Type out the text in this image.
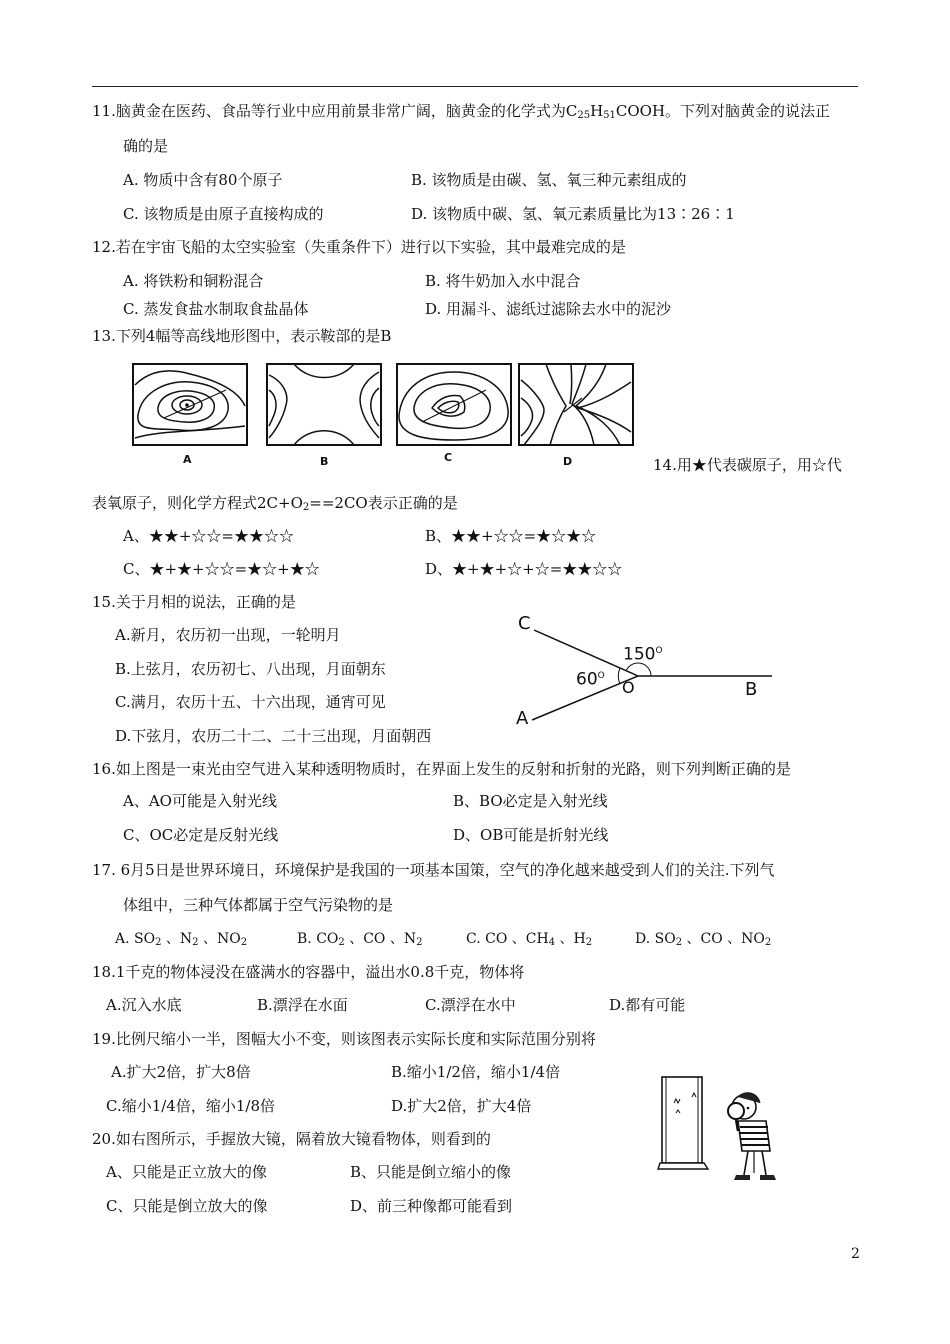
11.脑黄金在医药、食品等行业中应用前景非常广阔，脑黄金的化学式为$C_{25}H_{51}COOH$。下列对脑黄金的说法正
确的是
A. 物质中含有80个原子	B. 该物质是由碳、氢、氧三种元素组成的
C. 该物质是由原子直接构成的	D. 该物质中碳、氢、氧元素质量比为13∶26∶1
12.若在宇宙飞船的太空实验室（失重条件下）进行以下实验，其中最难完成的是
A. 将铁粉和铜粉混合	B. 将牛奶加入水中混合
C. 蒸发食盐水制取食盐晶体	D. 用漏斗、滤纸过滤除去水中的泥沙
13.下列4幅等高线地形图中，表示鞍部的是B
A	B	C	D	14.用★代表碳原子，用☆代
表氧原子，则化学方程式$2C+O_2==2CO$表示正确的是
A、★★+☆☆=★★☆☆	B、★★+☆☆=★☆★☆
C、★+★+☆☆=★☆+★☆	D、★+★+☆+☆=★★☆☆
15.关于月相的说法，正确的是
A.新月，农历初一出现，一轮明月
B.上弦月，农历初七、八出现，月面朝东
C.满月，农历十五、十六出现，通宵可见
D.下弦月，农历二十二、二十三出现，月面朝西
C
A
O	B
$150^O$
$60^O$
16.如上图是一束光由空气进入某种透明物质时，在界面上发生的反射和折射的光路，则下列判断正确的是
A、AO可能是入射光线	B、BO必定是入射光线
C、OC必定是反射光线	D、OB可能是折射光线
17. 6月5日是世界环境日，环境保护是我国的一项基本国策，空气的净化越来越受到人们的关注.下列气
体组中，三种气体都属于空气污染物的是
A. $SO_2$ 、$N_2$ 、$NO_2$	B. $CO_2$ 、CO 、$N_2$	C. CO 、$CH_4$ 、$H_2$	D. $SO_2$ 、CO 、$NO_2$
18.1千克的物体浸没在盛满水的容器中，溢出水0.8千克，物体将
A.沉入水底	B.漂浮在水面	C.漂浮在水中	D.都有可能
19.比例尺缩小一半，图幅大小不变，则该图表示实际长度和实际范围分别将
A.扩大2倍，扩大8倍	B.缩小1/2倍，缩小1/4倍
C.缩小1/4倍，缩小1/8倍	D.扩大2倍，扩大4倍
20.如右图所示，手握放大镜，隔着放大镜看物体，则看到的
A、只能是正立放大的像	B、只能是倒立缩小的像
C、只能是倒立放大的像	D、前三种像都可能看到
2
